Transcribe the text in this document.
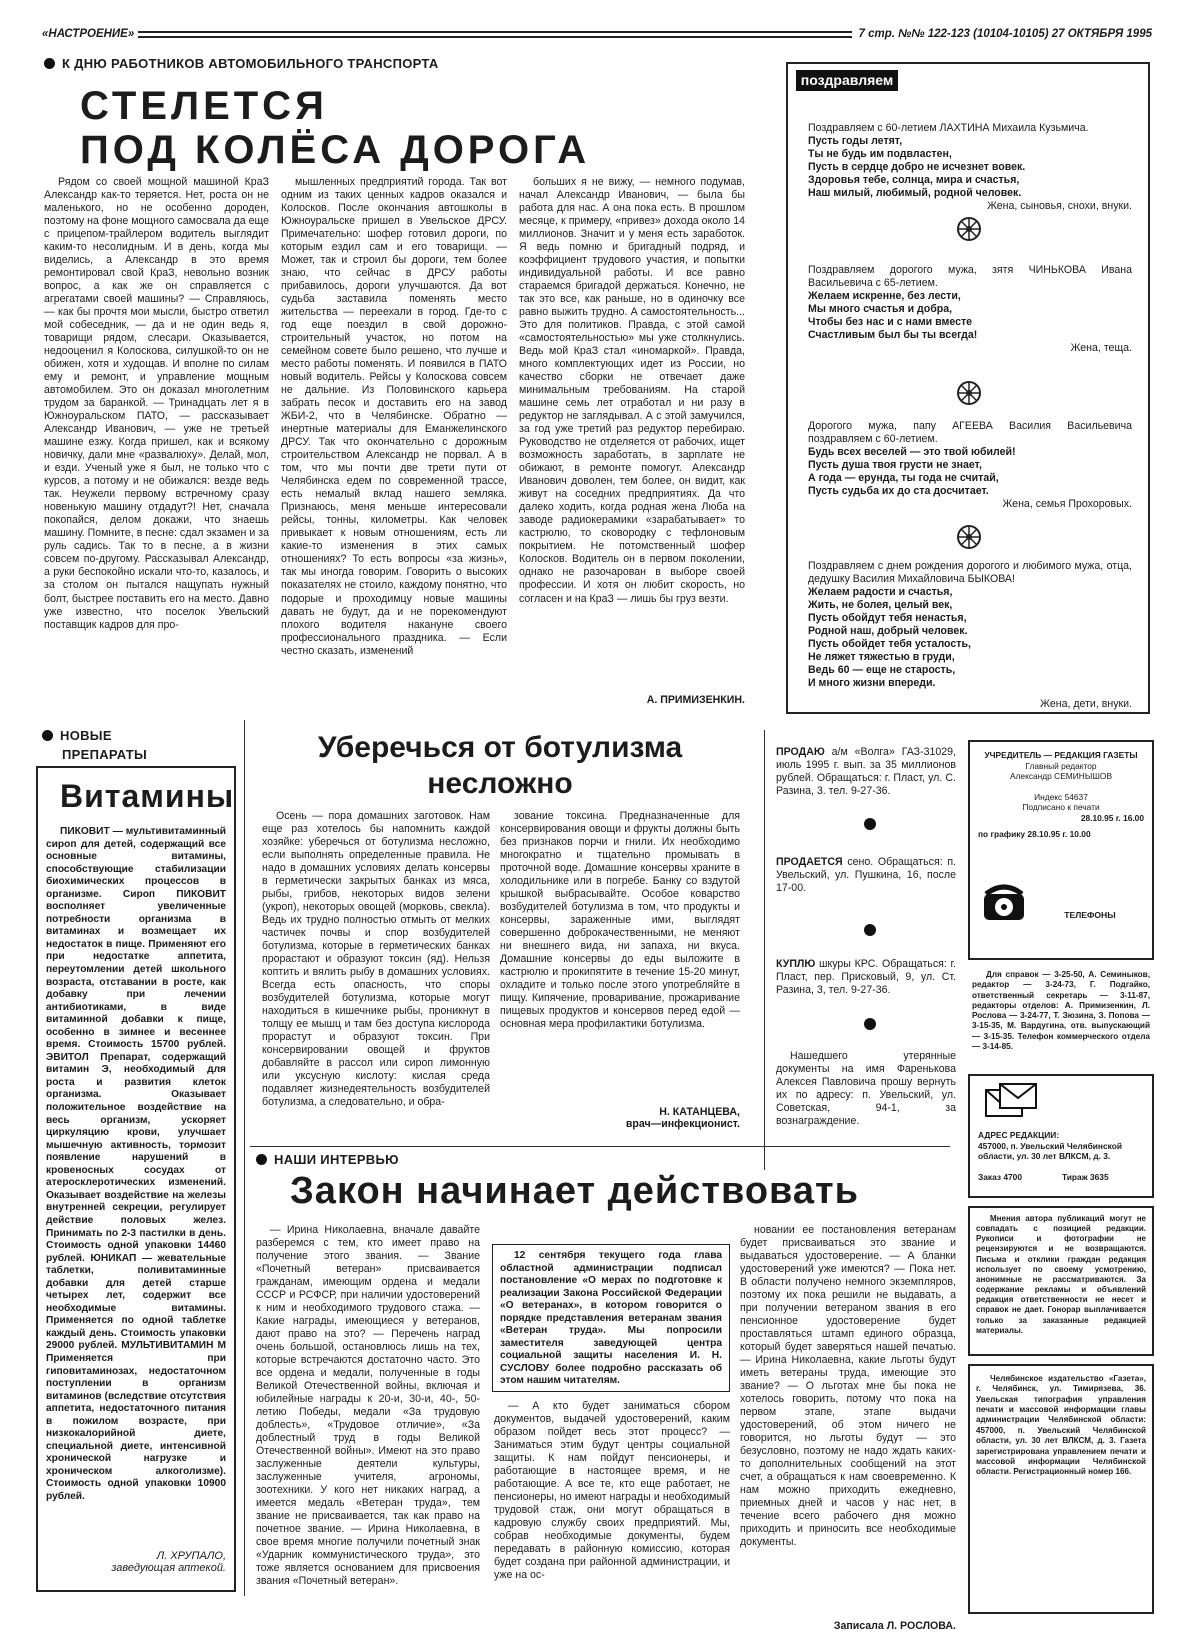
«НАСТРОЕНИЕ»	7 стр. №№ 122-123 (10104-10105) 27 ОКТЯБРЯ 1995
К ДНЮ РАБОТНИКОВ АВТОМОБИЛЬНОГО ТРАНСПОРТА
СТЕЛЕТСЯ
ПОД КОЛЁСА ДОРОГА

Рядом со своей мощной машиной КраЗ Александр как-то теряется. Нет, роста он не маленького, но не особенно дороден, поэтому на фоне мощного самосвала да еще с прицепом-трайлером водитель выглядит каким-то несолидным. И в день, когда мы виделись, а Александр в это время ремонтировал свой КраЗ, невольно возник вопрос, а как же он справляется с агрегатами своей машины? — Справляюсь, — как бы прочтя мои мысли, быстро ответил мой собеседник, — да и не один ведь я, товарищи рядом, слесари. Оказывается, недооценил я Колоскова, силушкой-то он не обижен, хотя и худощав. И вполне по силам ему и ремонт, и управление мощным автомобилем. Это он доказал многолетним трудом за баранкой. — Тринадцать лет я в Южноуральском ПАТО, — рассказывает Александр Иванович, — уже не третьей машине езжу. Когда пришел, как и всякому новичку, дали мне «развалюху». Делай, мол, и езди. Ученый уже я был, не только что с курсов, а потому и не обижался: везде ведь так. Неужели первому встречному сразу новенькую машину отдадут?! Нет, сначала покопайся, делом докажи, что знаешь машину. Помните, в песне: сдал экзамен и за руль садись. Так то в песне, а в жизни совсем по-другому. Рассказывал Александр, а руки беспокойно искали что-то, казалось, и за столом он пытался нащупать нужный болт, быстрее поставить его на место. Давно уже известно, что поселок Увельский поставщик кадров для про-

мышленных предприятий города. Так вот одним из таких ценных кадров оказался и Колосков. После окончания автошколы в Южноуральске пришел в Увельское ДРСУ. Примечательно: шофер готовил дороги, по которым ездил сам и его товарищи. — Может, так и строил бы дороги, тем более знаю, что сейчас в ДРСУ работы прибавилось, дороги улучшаются. Да вот судьба заставила поменять место жительства — переехали в город. Где-то с год еще поездил в свой дорожно-строительный участок, но потом на семейном совете было решено, что лучше и место работы поменять. И появился в ПАТО новый водитель. Рейсы у Колоскова совсем не дальние. Из Половинского карьера забрать песок и доставить его на завод ЖБИ-2, что в Челябинске. Обратно — инертные материалы для Еманжелинского ДРСУ. Так что окончательно с дорожным строительством Александр не порвал. А в том, что мы почти две трети пути от Челябинска едем по современной трассе, есть немалый вклад нашего земляка. Признаюсь, меня меньше интересовали рейсы, тонны, километры. Как человек привыкает к новым отношениям, есть ли какие-то изменения в этих самых отношениях? То есть вопросы «за жизнь», так мы иногда говорим. Говорить о высоких показателях не стоило, каждому понятно, что подорые и проходимцу новые машины давать не будут, да и не порекомендуют плохого водителя накануне своего профессионального праздника. — Если честно сказать, изменений

больших я не вижу, — немного подумав, начал Александр Иванович, — была бы работа для нас. А она пока есть. В прошлом месяце, к примеру, «привез» дохода около 14 миллионов. Значит и у меня есть заработок. Я ведь помню и бригадный подряд, и коэффициент трудового участия, и попытки индивидуальной работы. И все равно стараемся бригадой держаться. Конечно, не так это все, как раньше, но в одиночку все равно выжить трудно. А самостоятельность... Это для политиков. Правда, с этой самой «самостоятельностью» мы уже столкнулись. Ведь мой КраЗ стал «иномаркой». Правда, много комплектующих идет из России, но качество сборки не отвечает даже минимальным требованиям. На старой машине семь лет отработал и ни разу в редуктор не заглядывал. А с этой замучился, за год уже третий раз редуктор перебираю. Руководство не отделяется от рабочих, ищет возможность заработать, в зарплате не обижают, в ремонте помогут. Александр Иванович доволен, тем более, он видит, как живут на соседних предприятиях. Да что далеко ходить, когда родная жена Люба на заводе радиокерамики «зарабатывает» то кастрюлю, то сковородку с тефлоновым покрытием. Не потомственный шофер Колосков. Водитель он в первом поколении, однако не разочарован в выборе своей профессии. И хотя он любит скорость, но согласен и на КраЗ — лишь бы груз везти.

А. ПРИМИЗЕНКИН.
поздравляем
Поздравляем с 60-летием ЛАХТИНА Михаила Кузьмича.
Пусть годы летят,
Ты не будь им подвластен,
Пусть в сердце добро не исчезнет вовек.
Здоровья тебе, солнца, мира и счастья,
Наш милый, любимый, родной человек.
Жена, сыновья, снохи, внуки.
Поздравляем дорогого мужа, зятя ЧИНЬКОВА Ивана Васильевича с 65-летием.
Желаем искренне, без лести,
Мы много счастья и добра,
Чтобы без нас и с нами вместе
Счастливым был бы ты всегда!
Жена, теща.
Дорогого мужа, папу АГЕЕВА Василия Васильевича поздравляем с 60-летием.
Будь всех веселей — это твой юбилей!
Пусть душа твоя грусти не знает,
А года — ерунда, ты года не считай,
Пусть судьба их до ста досчитает.
Жена, семья Прохоровых.
Поздравляем с днем рождения дорогого и любимого мужа, отца, дедушку Василия Михайловича БЫКОВА!
Желаем радости и счастья,
Жить, не болея, целый век,
Пусть обойдут тебя ненастья,
Родной наш, добрый человек.
Пусть обойдет тебя усталость,
Не ляжет тяжестью в груди,
Ведь 60 — еще не старость,
И много жизни впереди.
Жена, дети, внуки.
НОВЫЕ
ПРЕПАРАТЫ
Витамины

ПИКОВИТ — мультивитаминный сироп для детей, содержащий все основные витамины, способствующие стабилизации биохимических процессов в организме. Сироп ПИКОВИТ восполняет увеличенные потребности организма в витаминах и возмещает их недостаток в пище. Применяют его при недостатке аппетита, переутомлении детей школьного возраста, отставании в росте, как добавку при лечении антибиотиками, в виде витаминной добавки к пище, особенно в зимнее и весеннее время. Стоимость 15700 рублей. ЭВИТОЛ Препарат, содержащий витамин Э, необходимый для роста и развития клеток организма. Оказывает положительное воздействие на весь организм, ускоряет циркуляцию крови, улучшает мышечную активность, тормозит появление нарушений в кровеносных сосудах от атеросклеротических изменений. Оказывает воздействие на железы внутренней секреции, регулирует действие половых желез. Принимать по 2-3 пастилки в день. Стоимость одной упаковки 14460 рублей. ЮНИКАП — жевательные таблетки, поливитаминные добавки для детей старше четырех лет, содержит все необходимые витамины. Применяется по одной таблетке каждый день. Стоимость упаковки 29000 рублей. МУЛЬТИВИТАМИН М Применяется при гиповитаминозах, недостаточном поступлении в организм витаминов (вследствие отсутствия аппетита, недостаточного питания в пожилом возрасте, при низкокалорийной диете, специальной диете, интенсивной хронической нагрузке и хроническом алкоголизме). Стоимость одной упаковки 10900 рублей.

Л. ХРУПАЛО,
заведующая аптекой.
Уберечься от ботулизма
несложно

Осень — пора домашних заготовок. Нам еще раз хотелось бы напомнить каждой хозяйке: уберечься от ботулизма несложно, если выполнять определенные правила. Не надо в домашних условиях делать консервы в герметически закрытых банках из мяса, рыбы, грибов, некоторых видов зелени (укроп), некоторых овощей (морковь, свекла). Ведь их трудно полностью отмыть от мелких частичек почвы и спор возбудителей ботулизма, которые в герметических банках прорастают и образуют токсин (яд). Нельзя коптить и вялить рыбу в домашних условиях. Всегда есть опасность, что споры возбудителей ботулизма, которые могут находиться в кишечнике рыбы, проникнут в толщу ее мышц и там без доступа кислорода прорастут и образуют токсин. При консервировании овощей и фруктов добавляйте в рассол или сироп лимонную или уксусную кислоту: кислая среда подавляет жизнедеятельность возбудителей ботулизма, а следовательно, и обра-

зование токсина. Предназначенные для консервирования овощи и фрукты должны быть без признаков порчи и гнили. Их необходимо многократно и тщательно промывать в проточной воде. Домашние консервы храните в холодильнике или в погребе. Банку со вздутой крышкой выбрасывайте. Особое коварство возбудителей ботулизма в том, что продукты и консервы, зараженные ими, выглядят совершенно доброкачественными, не меняют ни внешнего вида, ни запаха, ни вкуса. Домашние консервы до еды выложите в кастрюлю и прокипятите в течение 15-20 минут, охладите и только после этого употребляйте в пищу. Кипячение, проваривание, прожаривание пищевых продуктов и консервов перед едой — основная мера профилактики ботулизма.

Н. КАТАНЦЕВА,
врач—инфекционист.
ПРОДАЮ а/м «Волга» ГАЗ-31029, июль 1995 г. вып. за 35 миллионов рублей. Обращаться: г. Пласт, ул. С. Разина, 3. тел. 9-27-36.
ПРОДАЕТСЯ сено. Обращаться: п. Увельский, ул. Пушкина, 16, после 17-00.
КУПЛЮ шкуры КРС. Обращаться: г. Пласт, пер. Присковый, 9, ул. Ст. Разина, 3, тел. 9-27-36.

Нашедшего утерянные документы на имя Фаренькова Алексея Павловича прошу вернуть их по адресу: п. Увельский, ул. Советская, 94-1, за вознаграждение.

УЧРЕДИТЕЛЬ — РЕДАКЦИЯ ГАЗЕТЫ
Главный редактор
Александр СЕМИНЫШОВ
Индекс 54637
Подписано к печати
28.10.95 г. 16.00
по графику 28.10.95 г. 10.00
ТЕЛЕФОНЫ

Для справок — 3-25-50, А. Семиныков, редактор — 3-24-73, Г. Подгайко, ответственный секретарь — 3-11-87, редакторы отделов: А. Примизенкин, Л. Рослова — 3-24-77, Т. Зюзина, З. Попова — 3-15-35, М. Вардугина, отв. выпускающий — 3-15-35. Телефон коммерческого отдела — 3-14-85.

АДРЕС РЕДАКЦИИ:
457000, п. Увельский Челябинской области, ул. 30 лет ВЛКСМ, д. 3.
Заказ 4700	Тираж 3635

Мнения автора публикаций могут не совпадать с позицией редакции. Рукописи и фотографии не рецензируются и не возвращаются. Письма и отклики граждан редакция использует по своему усмотрению, анонимные не рассматриваются. За содержание рекламы и объявлений редакция ответственности не несет и справок не дает. Гонорар выплачивается только за заказанные редакцией материалы.

Челябинское издательство «Газета», г. Челябинск, ул. Тимирязева, 36. Увельская типография управления печати и массовой информации главы администрации Челябинской области: 457000, п. Увельский Челябинской области, ул. 30 лет ВЛКСМ, д. 3. Газета зарегистрирована управлением печати и массовой информации Челябинской области. Регистрационный номер 166.

НАШИ ИНТЕРВЬЮ
Закон начинает действовать

— Ирина Николаевна, вначале давайте разберемся с тем, кто имеет право на получение этого звания. — Звание «Почетный ветеран» присваивается гражданам, имеющим ордена и медали СССР и РСФСР, при наличии удостоверений к ним и необходимого трудового стажа. — Какие награды, имеющиеся у ветеранов, дают право на это? — Перечень наград очень большой, остановлюсь лишь на тех, которые встречаются достаточно часто. Это все ордена и медали, полученные в годы Великой Отечественной войны, включая и юбилейные награды к 20-и, 30-и, 40-, 50-летию Победы, медали «За трудовую доблесть», «Трудовое отличие», «За доблестный труд в годы Великой Отечественной войны». Имеют на это право заслуженные деятели культуры, заслуженные учителя, агрономы, зоотехники. У кого нет никаких наград, а имеется медаль «Ветеран труда», тем звание не присваивается, так как право на почетное звание. — Ирина Николаевна, в свое время многие получили почетный знак «Ударник коммунистического труда», это тоже является основанием для присвоения звания «Почетный ветеран».

12 сентября текущего года глава областной администрации подписал постановление «О мерах по подготовке к реализации Закона Российской Федерации «О ветеранах», в котором говорится о порядке представления ветеранам звания «Ветеран труда». Мы попросили заместителя заведующей центра социальной защиты населения И. Н. СУСЛОВУ более подробно рассказать об этом нашим читателям.

— А кто будет заниматься сбором документов, выдачей удостоверений, каким образом пойдет весь этот процесс? — Заниматься этим будут центры социальной защиты. К нам пойдут пенсионеры, и работающие в настоящее время, и не работающие. А все те, кто еще работает, не пенсионеры, но имеют награды и необходимый трудовой стаж, они могут обращаться в кадровую службу своих предприятий. Мы, собрав необходимые документы, будем передавать в районную комиссию, которая будет создана при районной администрации, и уже на ос-

новании ее постановления ветеранам будет присваиваться это звание и выдаваться удостоверение. — А бланки удостоверений уже имеются? — Пока нет. В области получено немного экземпляров, поэтому их пока решили не выдавать, а при получении ветераном звания в его пенсионное удостоверение будет проставляться штамп единого образца, который будет заверяться нашей печатью. — Ирина Николаевна, какие льготы будут иметь ветераны труда, имеющие это звание? — О льготах мне бы пока не хотелось говорить, потому что пока на первом этапе, этапе выдачи удостоверений, об этом ничего не говорится, но льготы будут — это безусловно, поэтому не надо ждать каких-то дополнительных сообщений на этот счет, а обращаться к нам своевременно. К нам можно приходить ежедневно, приемных дней и часов у нас нет, в течение всего рабочего дня можно приходить и приносить все необходимые документы.

Записала Л. РОСЛОВА.
